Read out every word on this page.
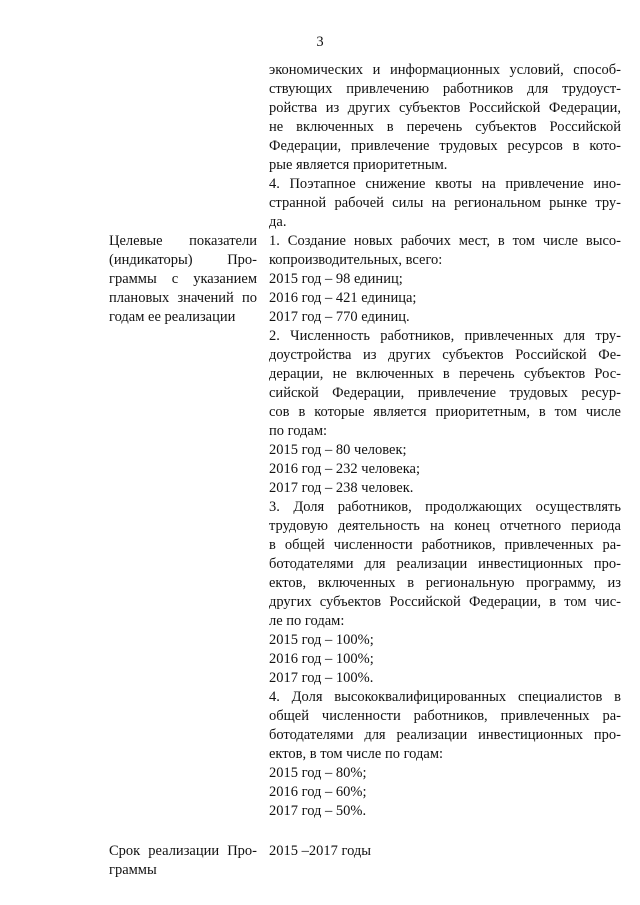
3
экономических и информационных условий, способ-
ствующих привлечению работников для трудоуст-
ройства из других субъектов Российской Федерации,
не включенных в перечень субъектов Российской
Федерации, привлечение трудовых ресурсов в кото-
рые является приоритетным.
4. Поэтапное снижение квоты на привлечение ино-
странной рабочей силы на региональном рынке тру-
да.
Целевые показатели
(индикаторы) Про-
граммы с указанием
плановых значений по
годам ее реализации
1. Создание новых рабочих мест, в том числе высо-
копроизводительных, всего:
2015 год – 98 единиц;
2016 год – 421 единица;
2017 год – 770 единиц.
2. Численность работников, привлеченных для тру-
доустройства из других субъектов Российской Фе-
дерации, не включенных в перечень субъектов Рос-
сийской Федерации, привлечение трудовых ресур-
сов в которые является приоритетным, в том числе
по годам:
2015 год – 80 человек;
2016 год – 232 человека;
2017 год – 238 человек.
3. Доля работников, продолжающих осуществлять
трудовую деятельность на конец отчетного периода
в общей численности работников, привлеченных ра-
ботодателями для реализации инвестиционных про-
ектов, включенных в региональную программу, из
других субъектов Российской Федерации, в том чис-
ле по годам:
2015 год – 100%;
2016 год – 100%;
2017 год – 100%.
4. Доля высококвалифицированных специалистов в
общей численности работников, привлеченных ра-
ботодателями для реализации инвестиционных про-
ектов, в том числе по годам:
2015 год – 80%;
2016 год – 60%;
2017 год – 50%.
Срок реализации Про-
граммы
2015 –2017 годы
